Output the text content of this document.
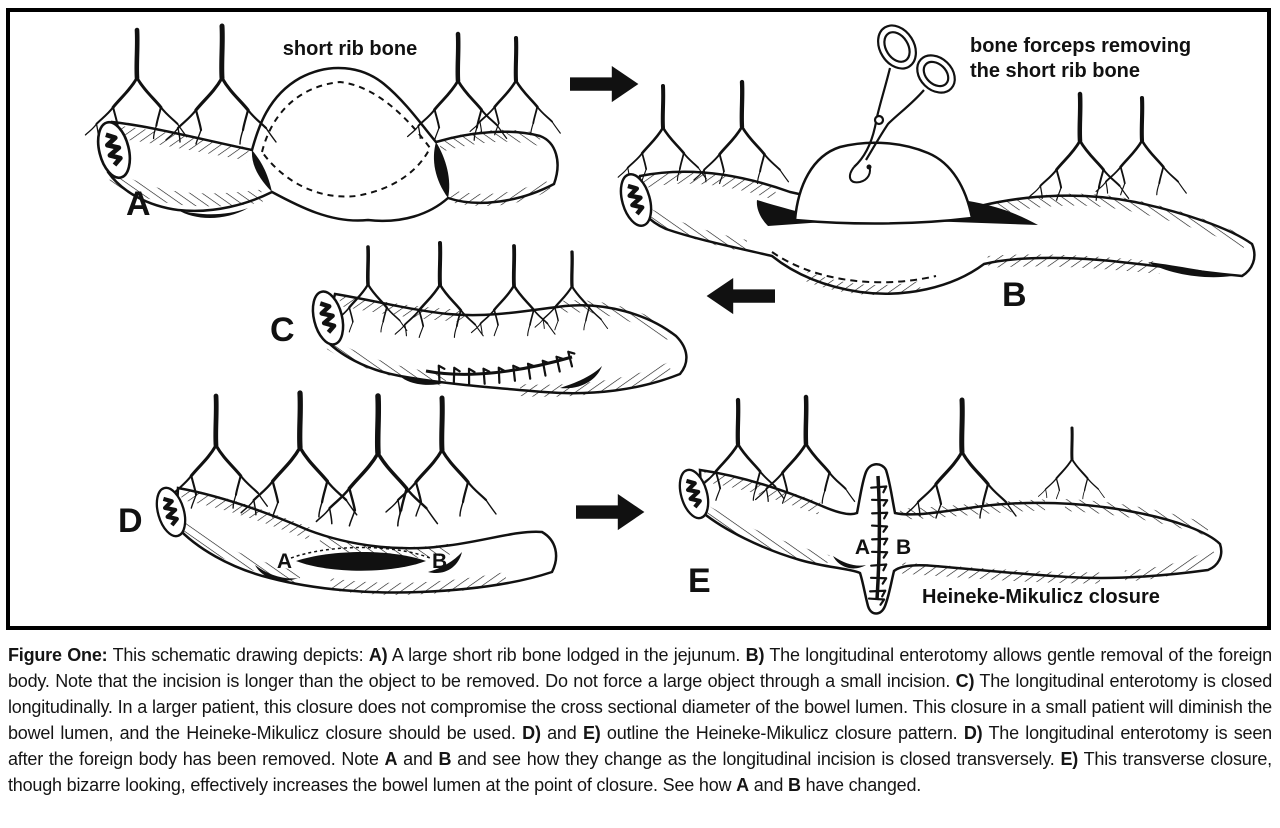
A
short rib bone
B
bone forceps removing
the short rib bone
C
D
A	B
E
A B
Heineke-Mikulicz closure
Figure One: This schematic drawing depicts: A) A large short rib bone lodged in the jejunum. B) The longitudinal enterotomy allows gentle removal of the foreign body. Note that the incision is longer than the object to be removed. Do not force a large object through a small incision. C) The longitudinal enterotomy is closed longitudinally. In a larger patient, this closure does not compromise the cross sectional diameter of the bowel lumen. This closure in a small patient will diminish the bowel lumen, and the Heineke-Mikulicz closure should be used. D) and E) outline the Heineke-Mikulicz closure pattern. D) The longitudinal enterotomy is seen after the foreign body has been removed. Note A and B and see how they change as the longitudinal incision is closed transversely. E) This transverse closure, though bizarre looking, effectively increases the bowel lumen at the point of closure. See how A and B have changed.
